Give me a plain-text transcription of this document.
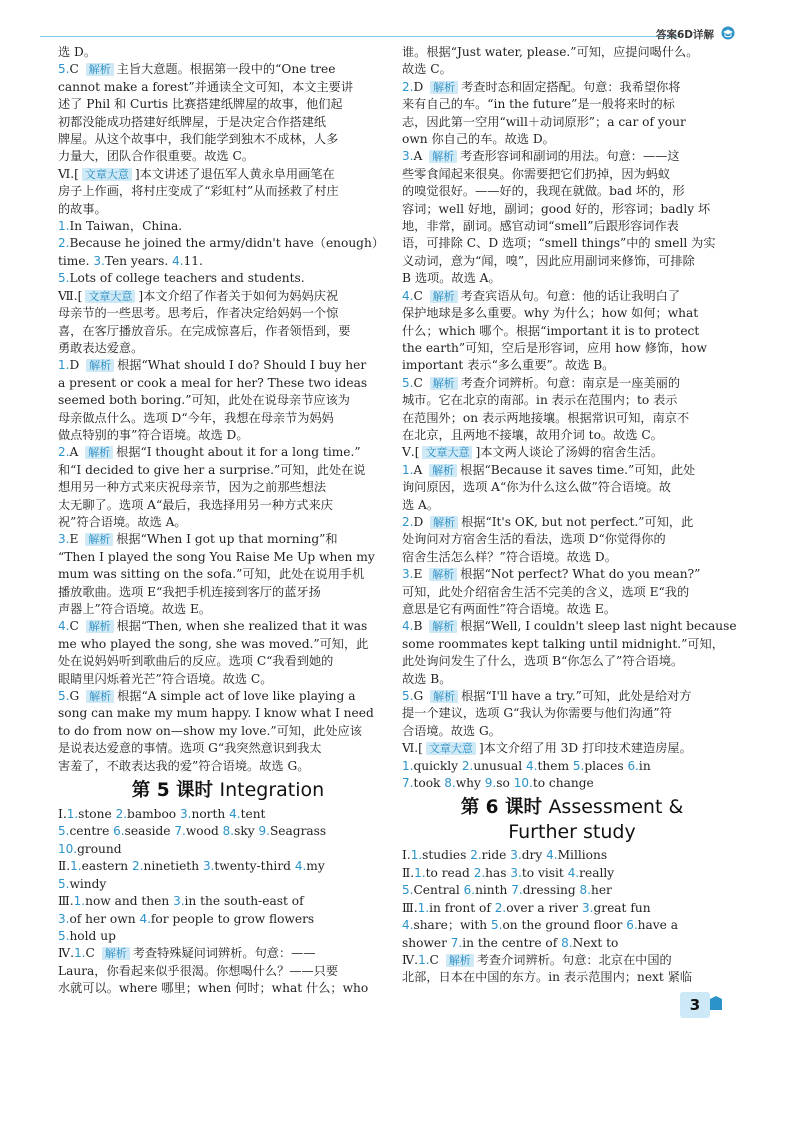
答案6D详解

选 D。

5.C 解析 主旨大意题。根据第一段中的“One tree

cannot make a forest”并通读全文可知，本文主要讲

述了 Phil 和 Curtis 比赛搭建纸牌屋的故事，他们起

初都没能成功搭建好纸牌屋，于是决定合作搭建纸

牌屋。从这个故事中，我们能学到独木不成林，人多

力量大，团队合作很重要。故选 C。

Ⅵ.[ 文章大意 ]本文讲述了退伍军人黄永阜用画笔在

房子上作画，将村庄变成了“彩虹村”从而拯救了村庄

的故事。

1.In Taiwan，China.

2.Because he joined the army/didn't have（enough）

time. 3.Ten years. 4.11.

5.Lots of college teachers and students.

Ⅶ.[ 文章大意 ]本文介绍了作者关于如何为妈妈庆祝

母亲节的一些思考。思考后，作者决定给妈妈一个惊

喜，在客厅播放音乐。在完成惊喜后，作者领悟到，要

勇敢表达爱意。

1.D 解析 根据“What should I do? Should I buy her

a present or cook a meal for her? These two ideas

seemed both boring.”可知，此处在说母亲节应该为

母亲做点什么。选项 D“今年，我想在母亲节为妈妈

做点特别的事”符合语境。故选 D。

2.A 解析 根据“I thought about it for a long time.”

和“I decided to give her a surprise.”可知，此处在说

想用另一种方式来庆祝母亲节，因为之前那些想法

太无聊了。选项 A“最后，我选择用另一种方式来庆

祝”符合语境。故选 A。

3.E 解析 根据“When I got up that morning”和

“Then I played the song You Raise Me Up when my

mum was sitting on the sofa.”可知，此处在说用手机

播放歌曲。选项 E“我把手机连接到客厅的蓝牙扬

声器上”符合语境。故选 E。

4.C 解析 根据“Then, when she realized that it was

me who played the song, she was moved.”可知，此

处在说妈妈听到歌曲后的反应。选项 C“我看到她的

眼睛里闪烁着光芒”符合语境。故选 C。

5.G 解析 根据“A simple act of love like playing a

song can make my mum happy. I know what I need

to do from now on—show my love.”可知，此处应该

是说表达爱意的事情。选项 G“我突然意识到我太

害羞了，不敢表达我的爱”符合语境。故选 G。

第 5 课时 Integration

Ⅰ.1.stone 2.bamboo 3.north 4.tent

5.centre 6.seaside 7.wood 8.sky 9.Seagrass

10.ground

Ⅱ.1.eastern 2.ninetieth 3.twenty-third 4.my

5.windy

Ⅲ.1.now and then 3.in the south-east of

3.of her own 4.for people to grow flowers

5.hold up

Ⅳ.1.C 解析 考查特殊疑问词辨析。句意：——

Laura，你看起来似乎很渴。你想喝什么？——只要

水就可以。where 哪里；when 何时；what 什么；who

谁。根据“Just water, please.”可知，应提问喝什么。

故选 C。

2.D 解析 考查时态和固定搭配。句意：我希望你将

来有自己的车。“in the future”是一般将来时的标

志，因此第一空用“will＋动词原形”；a car of your

own 你自己的车。故选 D。

3.A 解析 考查形容词和副词的用法。句意：——这

些零食闻起来很臭。你需要把它们扔掉，因为蚂蚁

的嗅觉很好。——好的，我现在就做。bad 坏的，形

容词；well 好地，副词；good 好的，形容词；badly 坏

地，非常，副词。感官动词“smell”后跟形容词作表

语，可排除 C、D 选项；“smell things”中的 smell 为实

义动词，意为“闻，嗅”，因此应用副词来修饰，可排除

B 选项。故选 A。

4.C 解析 考查宾语从句。句意：他的话让我明白了

保护地球是多么重要。why 为什么；how 如何；what

什么；which 哪个。根据“important it is to protect

the earth”可知，空后是形容词，应用 how 修饰，how

important 表示“多么重要”。故选 B。

5.C 解析 考查介词辨析。句意：南京是一座美丽的

城市。它在北京的南部。in 表示在范围内；to 表示

在范围外；on 表示两地接壤。根据常识可知，南京不

在北京，且两地不接壤，故用介词 to。故选 C。

Ⅴ.[ 文章大意 ]本文两人谈论了汤姆的宿舍生活。

1.A 解析 根据“Because it saves time.”可知，此处

询问原因，选项 A“你为什么这么做”符合语境。故

选 A。

2.D 解析 根据“It's OK, but not perfect.”可知，此

处询问对方宿舍生活的看法，选项 D“你觉得你的

宿舍生活怎么样？”符合语境。故选 D。

3.E 解析 根据“Not perfect? What do you mean?”

可知，此处介绍宿舍生活不完美的含义，选项 E“我的

意思是它有两面性”符合语境。故选 E。

4.B 解析 根据“Well, I couldn't sleep last night because

some roommates kept talking until midnight.”可知，

此处询问发生了什么，选项 B“你怎么了”符合语境。

故选 B。

5.G 解析 根据“I'll have a try.”可知，此处是给对方

提一个建议，选项 G“我认为你需要与他们沟通”符

合语境。故选 G。

Ⅵ.[ 文章大意 ]本文介绍了用 3D 打印技术建造房屋。

1.quickly 2.unusual 4.them 5.places 6.in

7.took 8.why 9.so 10.to change

第 6 课时 Assessment &
Further study

Ⅰ.1.studies 2.ride 3.dry 4.Millions

Ⅱ.1.to read 2.has 3.to visit 4.really

5.Central 6.ninth 7.dressing 8.her

Ⅲ.1.in front of 2.over a river 3.great fun

4.share；with 5.on the ground floor 6.have a

shower 7.in the centre of 8.Next to

Ⅳ.1.C 解析 考查介词辨析。句意：北京在中国的

北部，日本在中国的东方。in 表示范围内；next 紧临

3
